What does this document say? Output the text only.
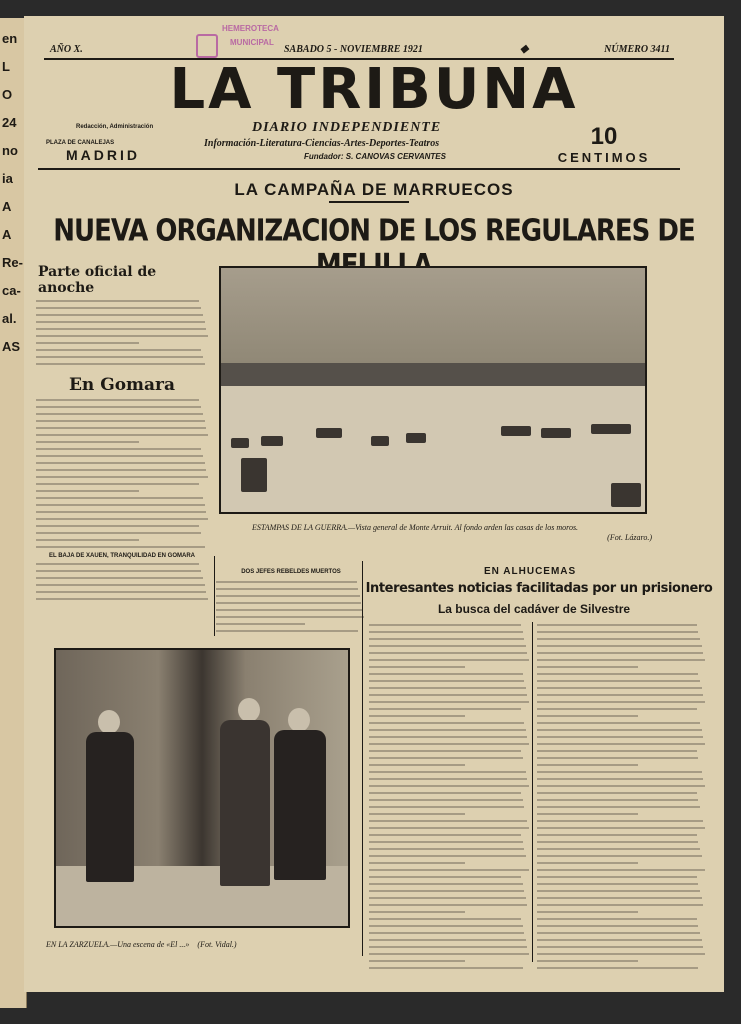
en
L
O
24
no
ia
A
A
Re-
ca-
al.
AS
HEMEROTECA
MUNICIPAL
AÑO X.	SABADO 5 - NOVIEMBRE 1921	◆	NÚMERO 3411
LA TRIBUNA
Redacción, Administración
PLAZA DE CANALEJAS
MADRID
DIARIO INDEPENDIENTE
Información-Literatura-Ciencias-Artes-Deportes-Teatros
Fundador: S. CANOVAS CERVANTES
10
CENTIMOS
LA CAMPAÑA DE MARRUECOS
NUEVA ORGANIZACION DE LOS REGULARES DE
Parte oficial de anoche
En Gomara
EL BAJA DE XAUEN, TRANQUILIDAD EN GOMARA
ESTAMPAS DE LA GUERRA.—Vista general de Monte Arruit. Al fondo arden las casas de los moros.
(Fot. Lázaro.)
DOS JEFES REBELDES MUERTOS	EN ALHUCEMAS
Interesantes noticias facilitadas por un prisionero
La busca del cadáver de Silvestre
EN LA ZARZUELA.—Una escena de «El ...» (Fot. Vidal.)
